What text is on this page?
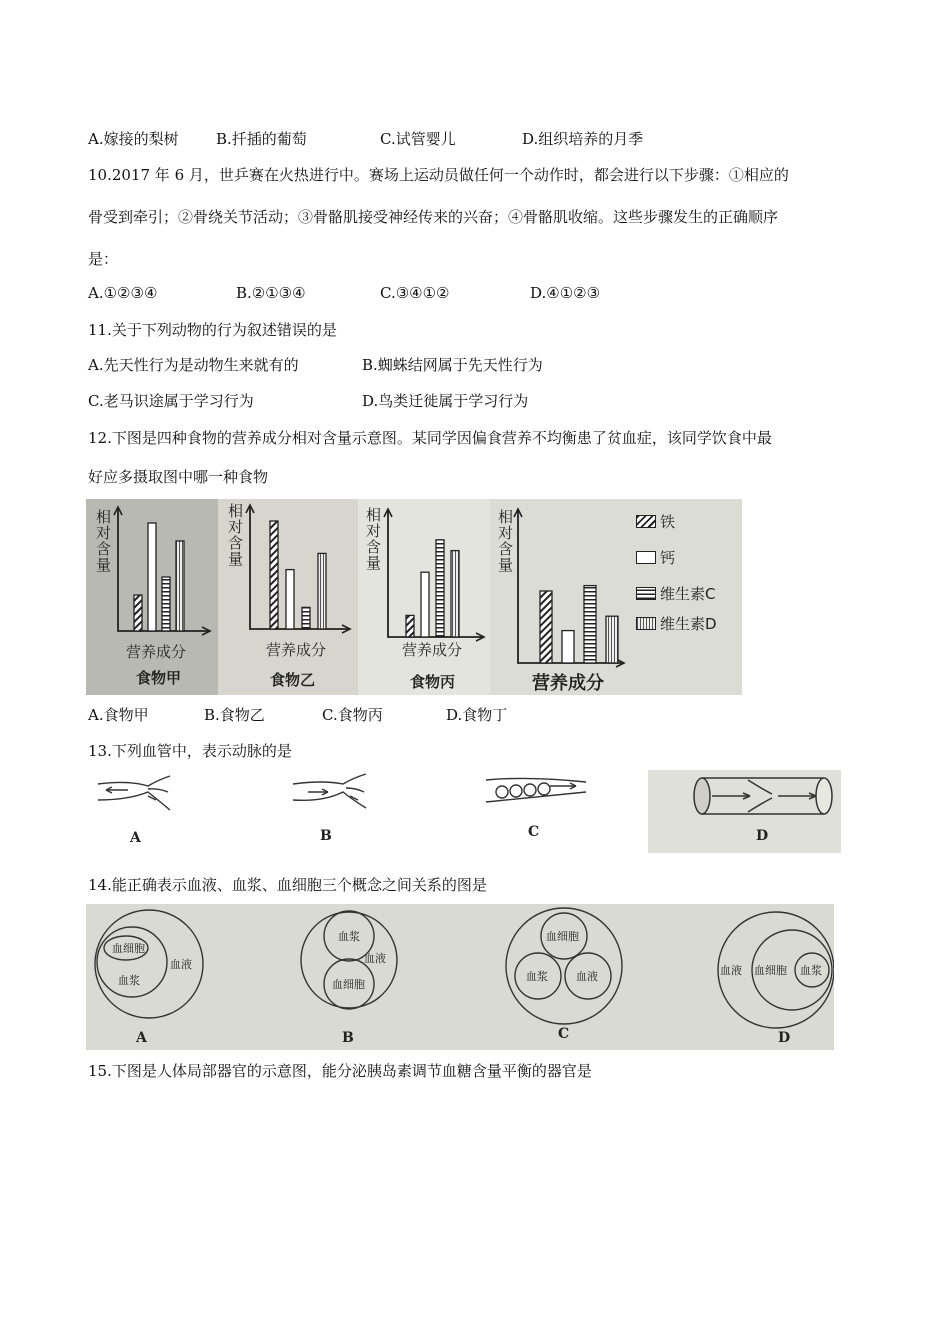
A.嫁接的梨树 B.扦插的葡萄	C.试管婴儿	D.组织培养的月季
10.2017 年 6 月，世乒赛在火热进行中。赛场上运动员做任何一个动作时，都会进行以下步骤：①相应的
骨受到牵引；②骨绕关节活动；③骨骼肌接受神经传来的兴奋；④骨骼肌收缩。这些步骤发生的正确顺序
是：
A.①②③④	B.②①③④	C.③④①②	D.④①②③
11.关于下列动物的行为叙述错误的是
A.先天性行为是动物生来就有的	B.蜘蛛结网属于先天性行为
C.老马识途属于学习行为	D.鸟类迁徙属于学习行为
12.下图是四种食物的营养成分相对含量示意图。某同学因偏食营养不均衡患了贫血症，该同学饮食中最
好应多摄取图中哪一种食物
相对含量
营养成分
食物甲
相对含量
营养成分
食物乙
相对含量
营养成分
食物丙
相对含量
营养成分
铁
钙
维生素C
维生素D
A.食物甲	B.食物乙	C.食物丙	D.食物丁
13.下列血管中，表示动脉的是
A	B	C	D
14.能正确表示血液、血浆、血细胞三个概念之间关系的图是
血细胞
血浆
血液
血浆
血液
血细胞
血细胞
血浆	血液	血液 血细胞 血浆
A	B	C	D
15.下图是人体局部器官的示意图，能分泌胰岛素调节血糖含量平衡的器官是
